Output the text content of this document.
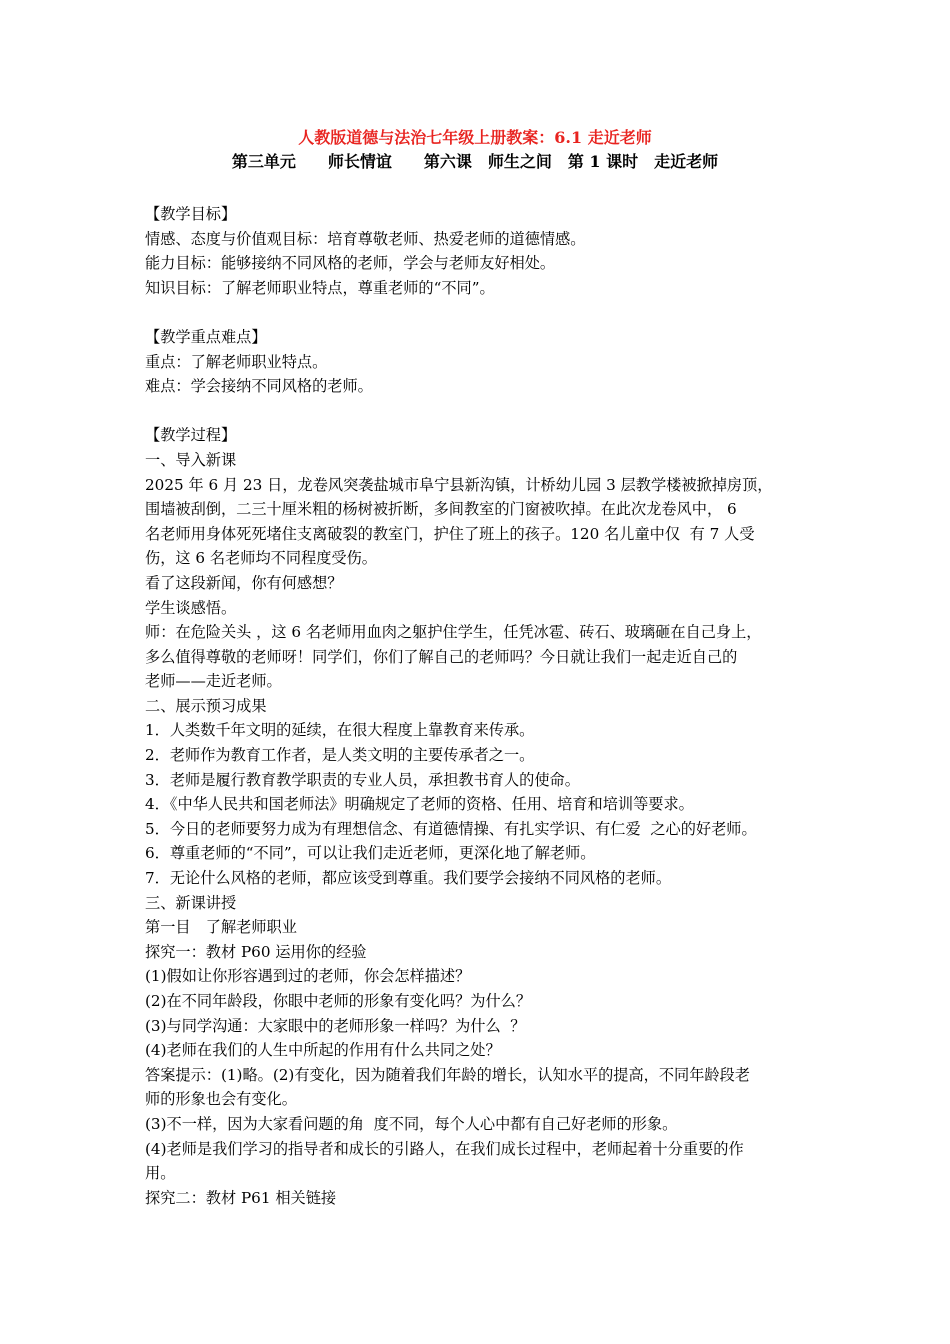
人教版道德与法治七年级上册教案：6.1 走近老师
第三单元　　师长情谊　　第六课　师生之间　第 1 课时　走近老师

【教学目标】

情感、态度与价值观目标：培育尊敬老师、热爱老师的道德情感。

能力目标：能够接纳不同风格的老师，学会与老师友好相处。

知识目标：了解老师职业特点，尊重老师的“不同”。

【教学重点难点】

重点：了解老师职业特点。

难点：学会接纳不同风格的老师。

【教学过程】

一、导入新课

2025 年 6 月 23 日，龙卷风突袭盐城市阜宁县新沟镇，计桥幼儿园 3 层教学楼被掀掉房顶，

围墙被刮倒，二三十厘米粗的杨树被折断，多间教室的门窗被吹掉。在此次龙卷风中， 6

名老师用身体死死堵住支离破裂的教室门，护住了班上的孩子。120 名儿童中仅  有 7 人受

伤，这 6 名老师均不同程度受伤。

看了这段新闻，你有何感想？

学生谈感悟。

师：在危险关头 ，这 6 名老师用血肉之躯护住学生，任凭冰雹、砖石、玻璃砸在自己身上，

多么值得尊敬的老师呀！同学们，你们了解自己的老师吗？今日就让我们一起走近自己的

老师——走近老师。

二、展示预习成果

1．人类数千年文明的延续，在很大程度上靠教育来传承。

2．老师作为教育工作者，是人类文明的主要传承者之一。

3．老师是履行教育教学职责的专业人员，承担教书育人的使命。

4．《中华人民共和国老师法》明确规定了老师的资格、任用、培育和培训等要求。

5．今日的老师要努力成为有理想信念、有道德情操、有扎实学识、有仁爱  之心的好老师。

6．尊重老师的“不同”，可以让我们走近老师，更深化地了解老师。

7．无论什么风格的老师，都应该受到尊重。我们要学会接纳不同风格的老师。

三、新课讲授

第一目　了解老师职业

探究一：教材 P60 运用你的经验

(1)假如让你形容遇到过的老师，你会怎样描述？

(2)在不同年龄段，你眼中老师的形象有变化吗？为什么？

(3)与同学沟通：大家眼中的老师形象一样吗？为什么  ？

(4)老师在我们的人生中所起的作用有什么共同之处？

答案提示：(1)略。(2)有变化，因为随着我们年龄的增长，认知水平的提高，不同年龄段老

师的形象也会有变化。

(3)不一样，因为大家看问题的角  度不同，每个人心中都有自己好老师的形象。

(4)老师是我们学习的指导者和成长的引路人，在我们成长过程中，老师起着十分重要的作

用。

探究二：教材 P61 相关链接
